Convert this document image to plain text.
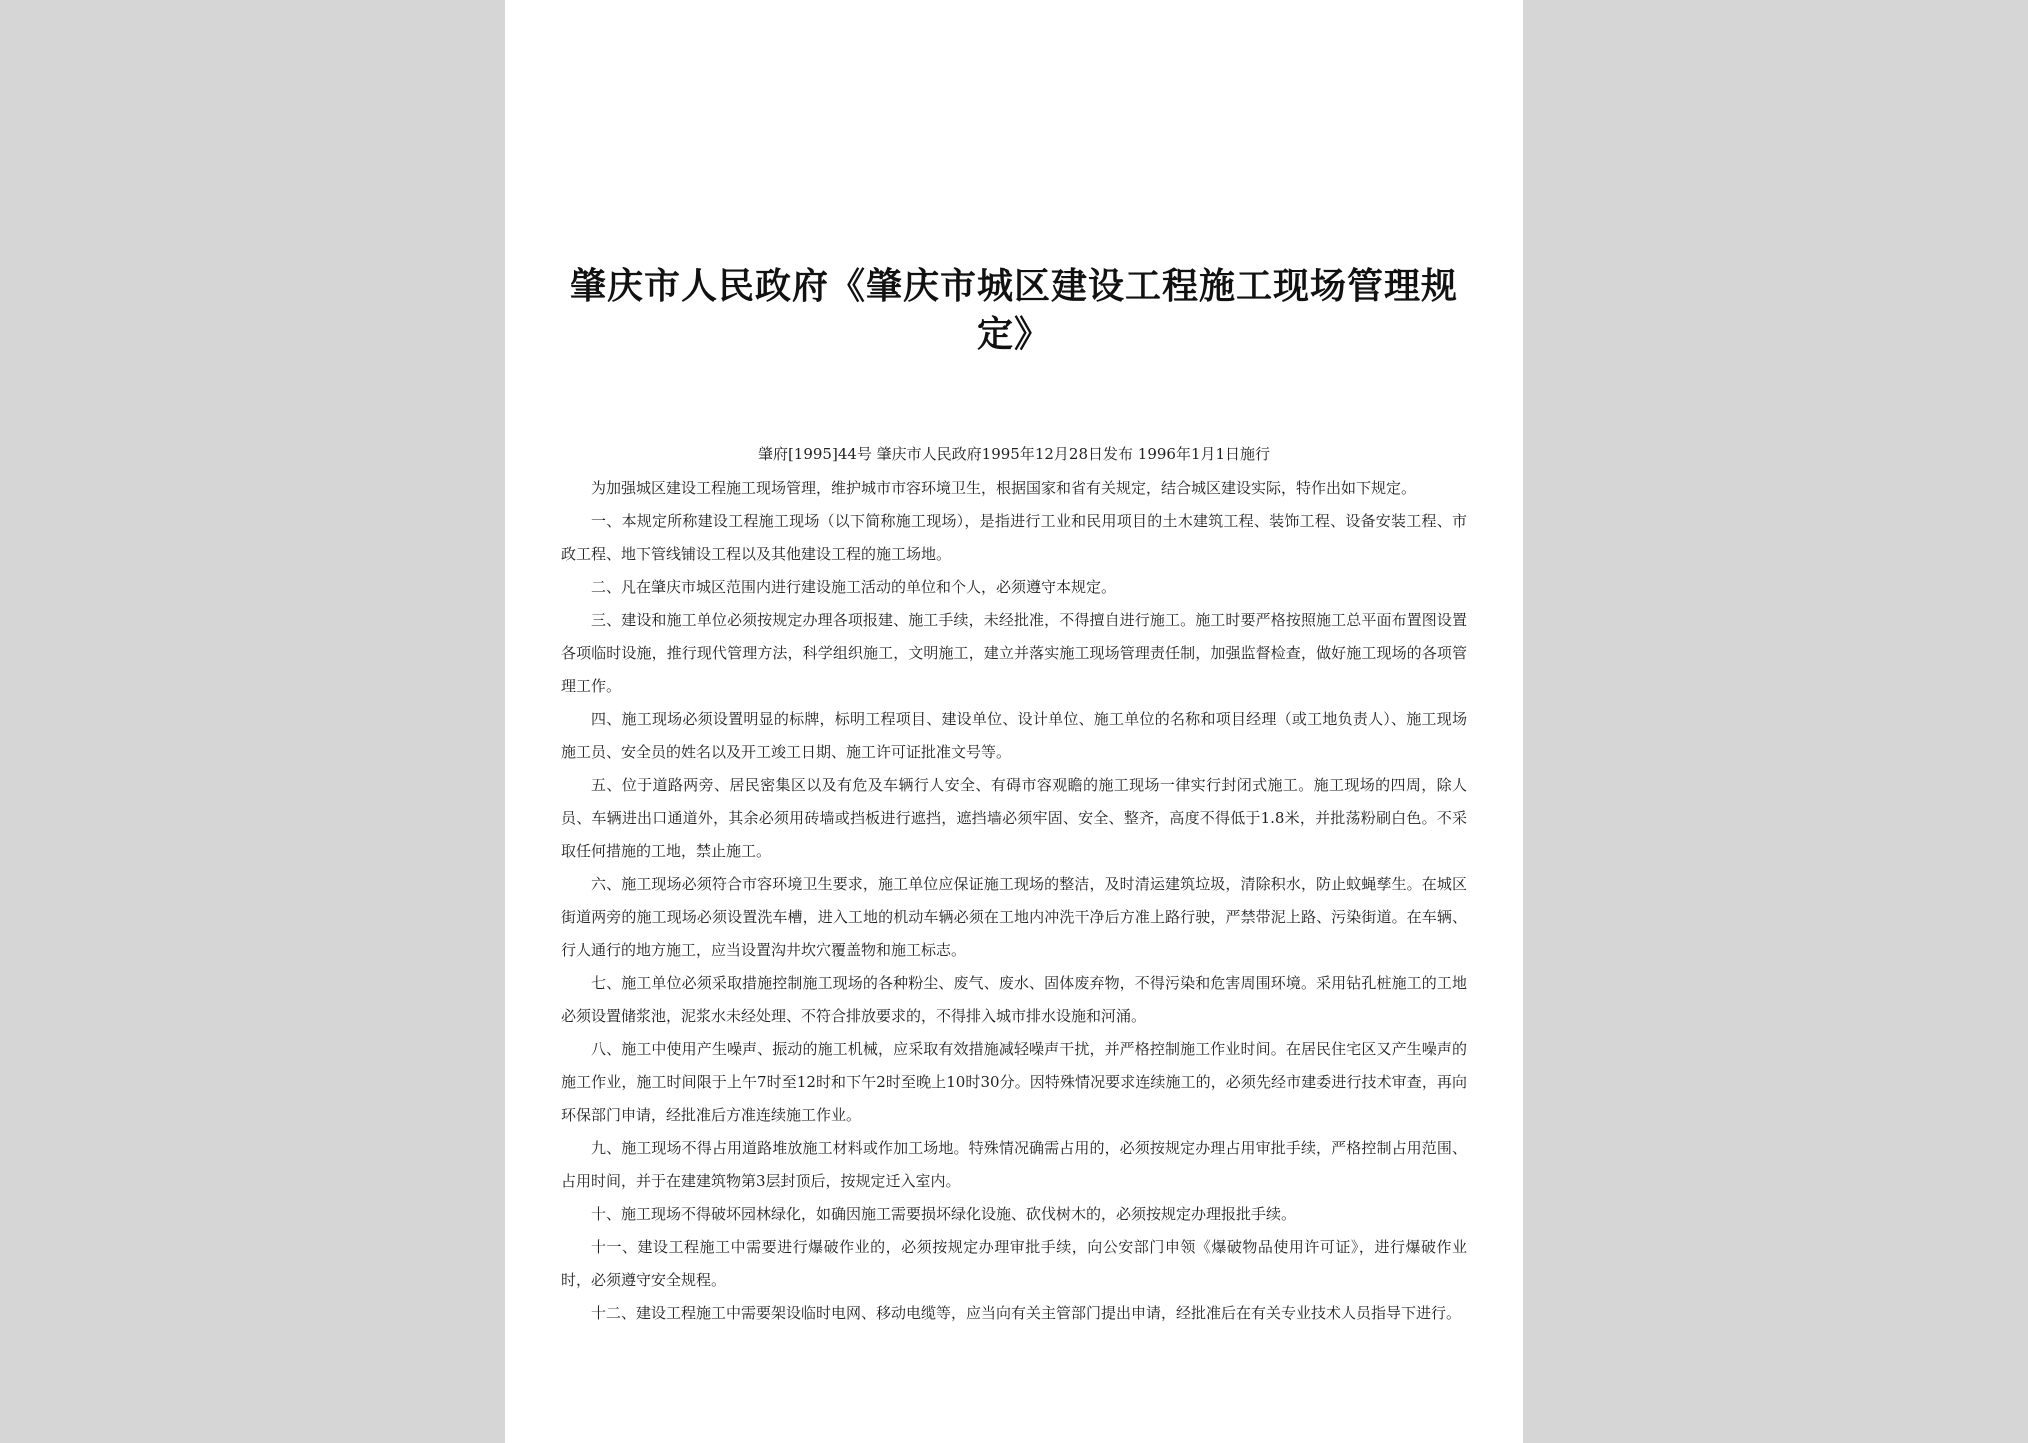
肇庆市人民政府《肇庆市城区建设工程施工现场管理规定》
肇府[1995]44号 肇庆市人民政府1995年12月28日发布 1996年1月1日施行

为加强城区建设工程施工现场管理，维护城市市容环境卫生，根据国家和省有关规定，结合城区建设实际，特作出如下规定。

一、本规定所称建设工程施工现场（以下简称施工现场），是指进行工业和民用项目的土木建筑工程、装饰工程、设备安装工程、市政工程、地下管线铺设工程以及其他建设工程的施工场地。

二、凡在肇庆市城区范围内进行建设施工活动的单位和个人，必须遵守本规定。

三、建设和施工单位必须按规定办理各项报建、施工手续，未经批准，不得擅自进行施工。施工时要严格按照施工总平面布置图设置各项临时设施，推行现代管理方法，科学组织施工，文明施工，建立并落实施工现场管理责任制，加强监督检查，做好施工现场的各项管理工作。

四、施工现场必须设置明显的标牌，标明工程项目、建设单位、设计单位、施工单位的名称和项目经理（或工地负责人）、施工现场施工员、安全员的姓名以及开工竣工日期、施工许可证批准文号等。

五、位于道路两旁、居民密集区以及有危及车辆行人安全、有碍市容观瞻的施工现场一律实行封闭式施工。施工现场的四周，除人员、车辆进出口通道外，其余必须用砖墙或挡板进行遮挡，遮挡墙必须牢固、安全、整齐，高度不得低于1.8米，并批荡粉刷白色。不采取任何措施的工地，禁止施工。

六、施工现场必须符合市容环境卫生要求，施工单位应保证施工现场的整洁，及时清运建筑垃圾，清除积水，防止蚊蝇孳生。在城区街道两旁的施工现场必须设置洗车槽，进入工地的机动车辆必须在工地内冲洗干净后方准上路行驶，严禁带泥上路、污染街道。在车辆、行人通行的地方施工，应当设置沟井坎穴覆盖物和施工标志。

七、施工单位必须采取措施控制施工现场的各种粉尘、废气、废水、固体废弃物，不得污染和危害周围环境。采用钻孔桩施工的工地必须设置储浆池，泥浆水未经处理、不符合排放要求的，不得排入城市排水设施和河涌。

八、施工中使用产生噪声、振动的施工机械，应采取有效措施减轻噪声干扰，并严格控制施工作业时间。在居民住宅区又产生噪声的施工作业，施工时间限于上午7时至12时和下午2时至晚上10时30分。因特殊情况要求连续施工的，必须先经市建委进行技术审查，再向环保部门申请，经批准后方准连续施工作业。

九、施工现场不得占用道路堆放施工材料或作加工场地。特殊情况确需占用的，必须按规定办理占用审批手续，严格控制占用范围、占用时间，并于在建建筑物第3层封顶后，按规定迁入室内。

十、施工现场不得破坏园林绿化，如确因施工需要损坏绿化设施、砍伐树木的，必须按规定办理报批手续。

十一、建设工程施工中需要进行爆破作业的，必须按规定办理审批手续，向公安部门申领《爆破物品使用许可证》，进行爆破作业时，必须遵守安全规程。

十二、建设工程施工中需要架设临时电网、移动电缆等，应当向有关主管部门提出申请，经批准后在有关专业技术人员指导下进行。
